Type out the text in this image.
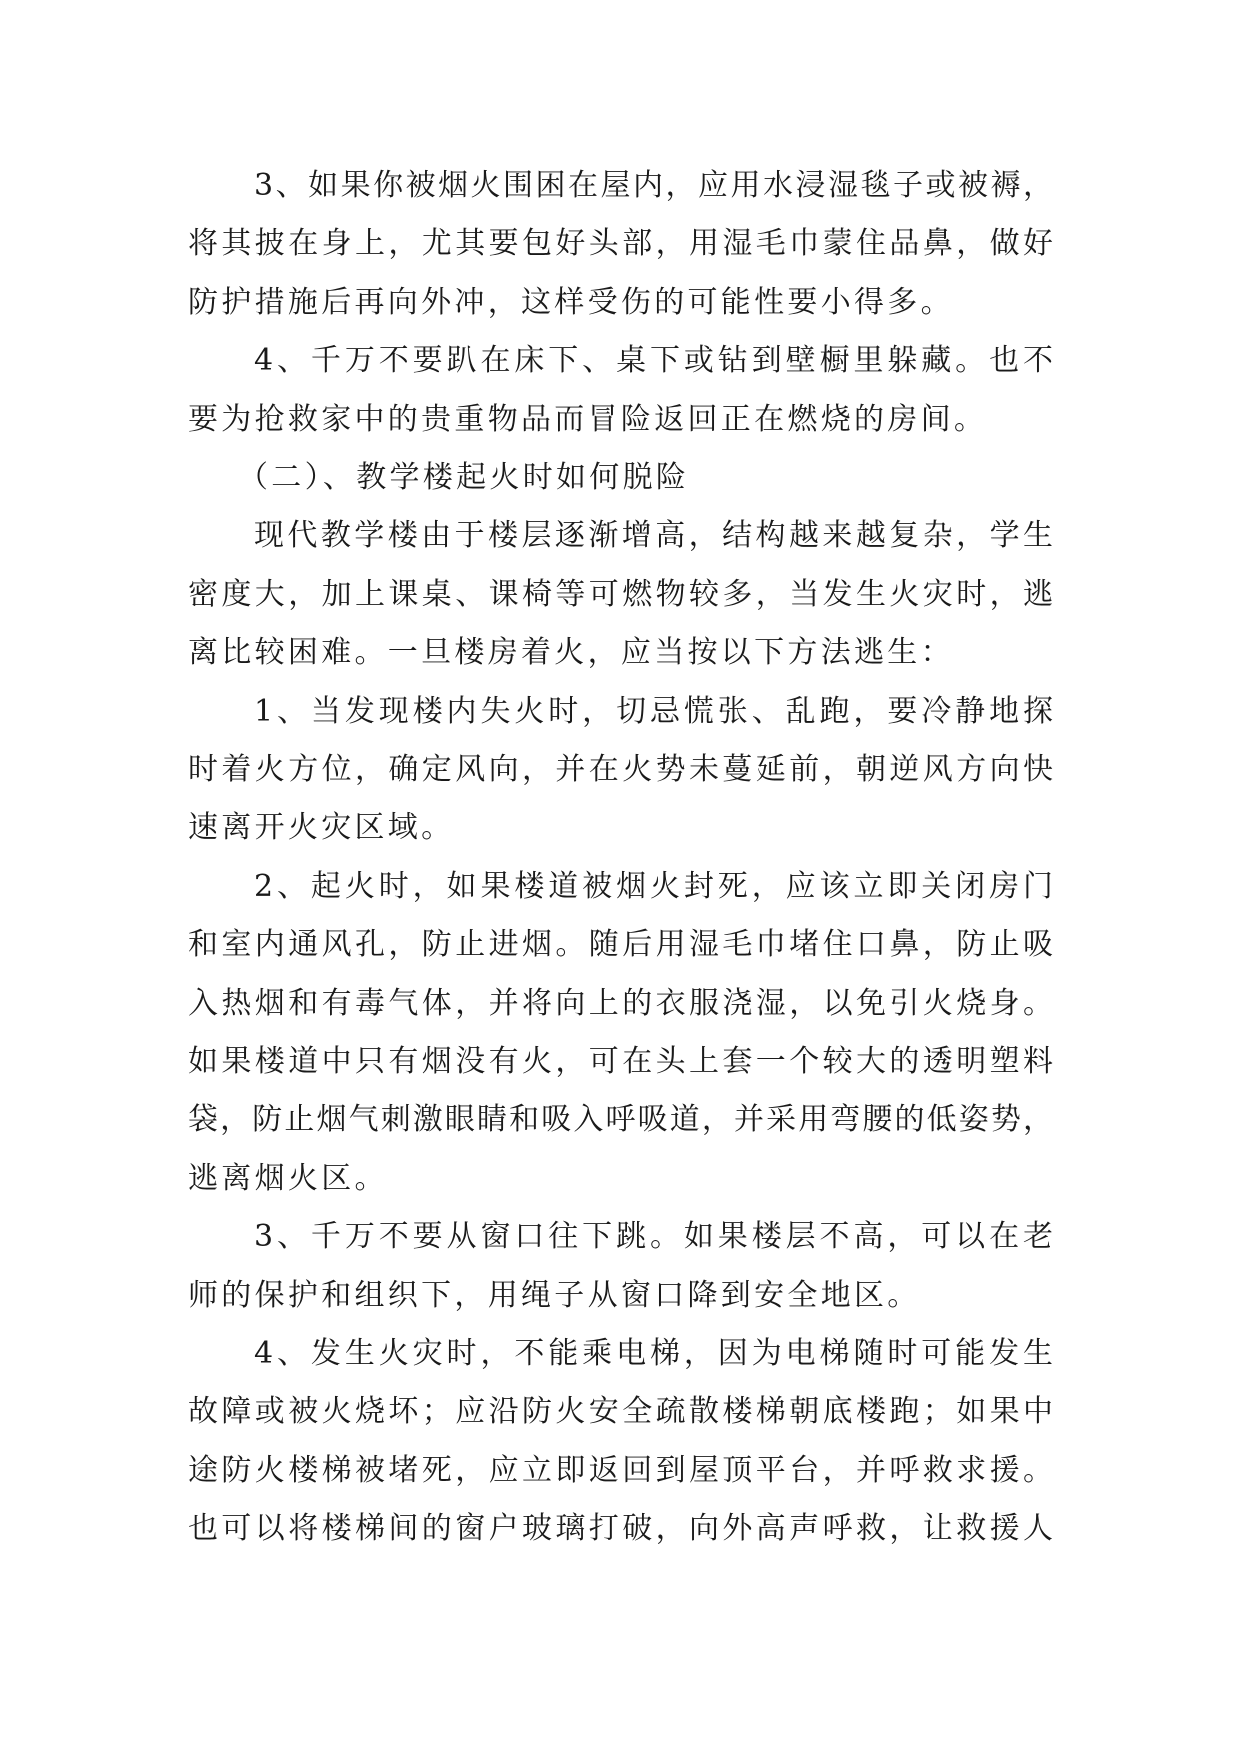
3、如果你被烟火围困在屋内，应用水浸湿毯子或被褥，
将其披在身上，尤其要包好头部，用湿毛巾蒙住品鼻，做好
防护措施后再向外冲，这样受伤的可能性要小得多。
4、千万不要趴在床下、桌下或钻到壁橱里躲藏。也不
要为抢救家中的贵重物品而冒险返回正在燃烧的房间。
（二）、教学楼起火时如何脱险
现代教学楼由于楼层逐渐增高，结构越来越复杂，学生
密度大，加上课桌、课椅等可燃物较多，当发生火灾时，逃
离比较困难。一旦楼房着火，应当按以下方法逃生：
1、当发现楼内失火时，切忌慌张、乱跑，要冷静地探
时着火方位，确定风向，并在火势未蔓延前，朝逆风方向快
速离开火灾区域。
2、起火时，如果楼道被烟火封死，应该立即关闭房门
和室内通风孔，防止进烟。随后用湿毛巾堵住口鼻，防止吸
入热烟和有毒气体，并将向上的衣服浇湿，以免引火烧身。
如果楼道中只有烟没有火，可在头上套一个较大的透明塑料
袋，防止烟气刺激眼睛和吸入呼吸道，并采用弯腰的低姿势，
逃离烟火区。
3、千万不要从窗口往下跳。如果楼层不高，可以在老
师的保护和组织下，用绳子从窗口降到安全地区。
4、发生火灾时，不能乘电梯，因为电梯随时可能发生
故障或被火烧坏；应沿防火安全疏散楼梯朝底楼跑；如果中
途防火楼梯被堵死，应立即返回到屋顶平台，并呼救求援。
也可以将楼梯间的窗户玻璃打破，向外高声呼救，让救援人
